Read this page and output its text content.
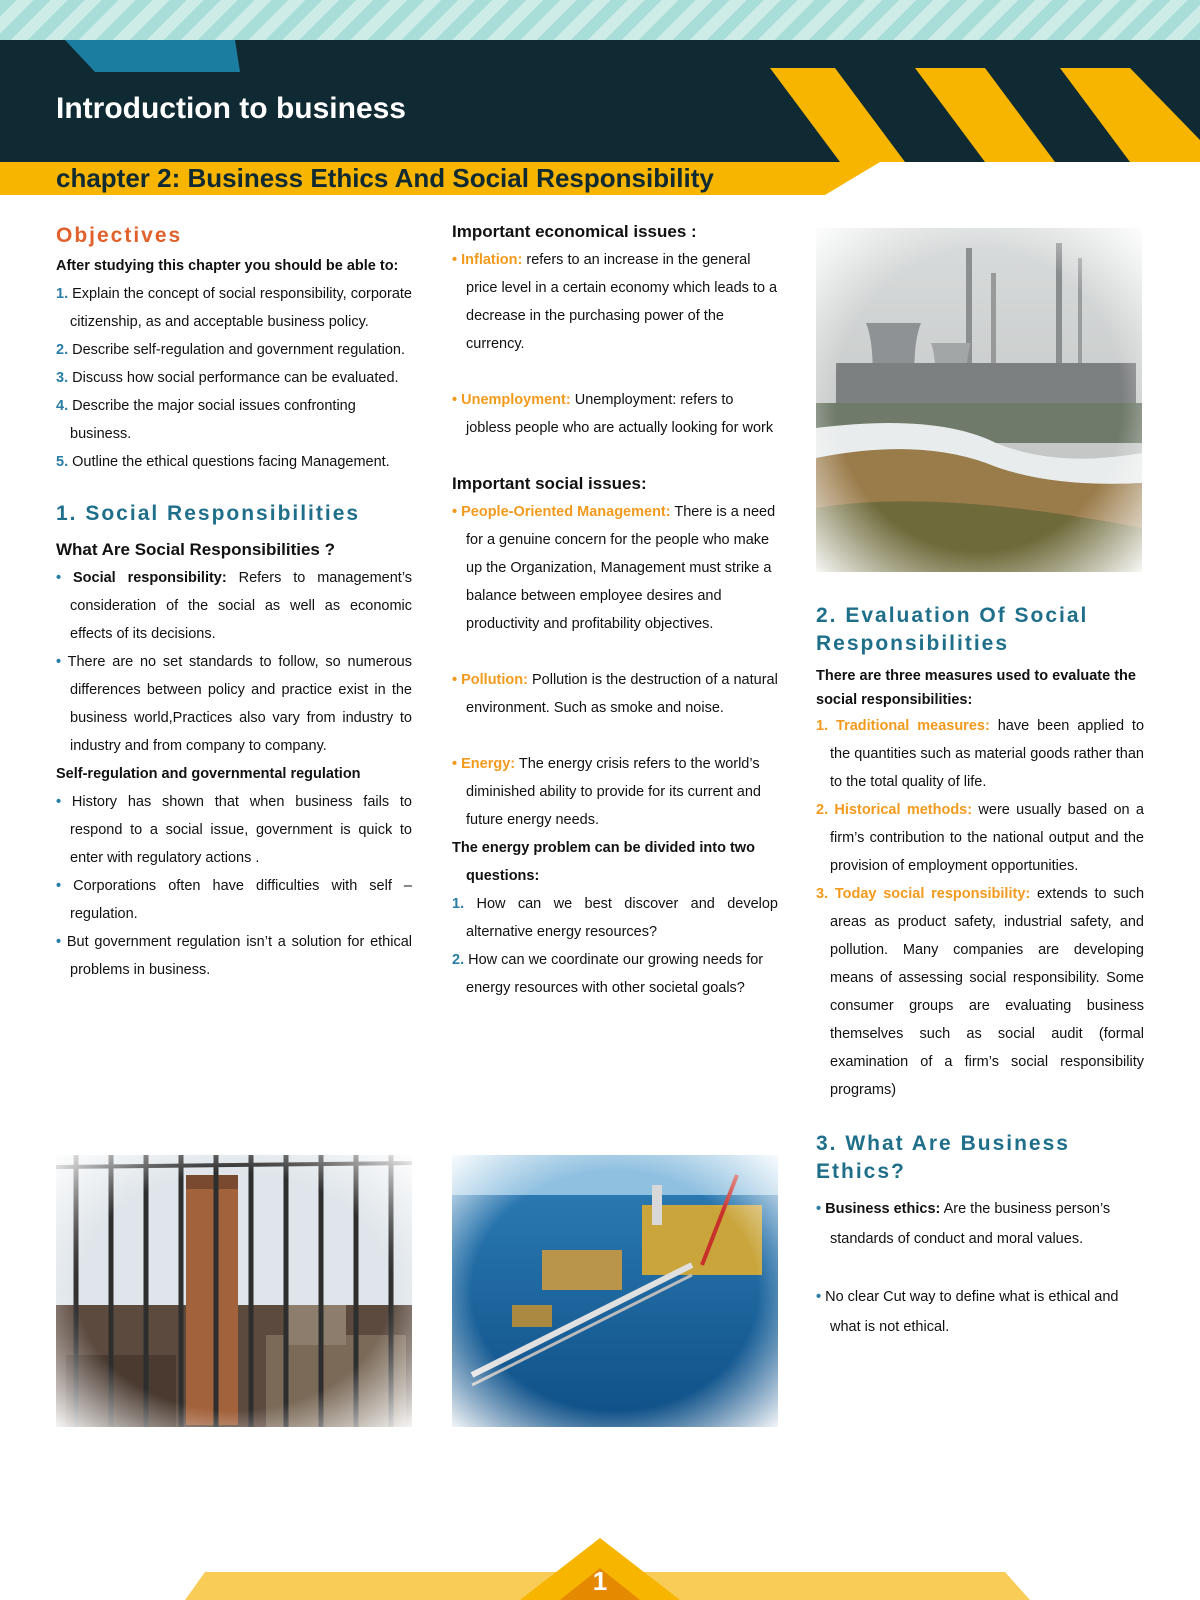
Introduction to business
chapter 2: Business Ethics And Social Responsibility

Objectives

After studying this chapter you should be able to:

1. Explain the concept of social responsibility, corporate citizenship, as and acceptable business policy.

2. Describe self-regulation and government regulation.

3. Discuss how social performance can be evaluated.

4. Describe the major social issues confronting business.

5. Outline the ethical questions facing Management.

1. Social Responsibilities

What Are Social Responsibilities ?

• Social responsibility: Refers to management’s consideration of the social as well as economic effects of its decisions.

• There are no set standards to follow, so numerous differences between policy and practice exist in the business world,Practices also vary from industry to industry and from company to company.

Self-regulation and governmental regulation

• History has shown that when business fails to respond to a social issue, government is quick to enter with regulatory actions .

• Corporations often have difficulties with self – regulation.

• But government regulation isn’t a solution for ethical problems in business.

Important economical issues :

• Inflation: refers to an increase in the general price level in a certain economy which leads to a decrease in the purchasing power of the currency.

• Unemployment: Unemployment: refers to jobless people who are actually looking for work

Important social issues:

• People-Oriented Management: There is a need for a genuine concern for the people who make up the Organization, Management must strike a balance between employee desires and productivity and profitability objectives.

• Pollution: Pollution is the destruction of a natural environment. Such as smoke and noise.

• Energy: The energy crisis refers to the world’s diminished ability to provide for its current and future energy needs.

The energy problem can be divided into two questions:

1. How can we best discover and develop alternative energy resources?

2. How can we coordinate our growing needs for energy resources with other societal goals?

2. Evaluation Of Social Responsibilities

There are three measures used to evaluate the social responsibilities:

1. Traditional measures: have been applied to the quantities such as material goods rather than to the total quality of life.

2. Historical methods: were usually based on a firm’s contribution to the national output and the provision of employment opportunities.

3. Today social responsibility: extends to such areas as product safety, industrial safety, and pollution. Many companies are developing means of assessing social responsibility. Some consumer groups are evaluating business themselves such as social audit (formal examination of a firm’s social responsibility programs)

3. What Are Business Ethics?

• Business ethics: Are the business person’s standards of conduct and moral values.

• No clear Cut way to define what is ethical and what is not ethical.

1
